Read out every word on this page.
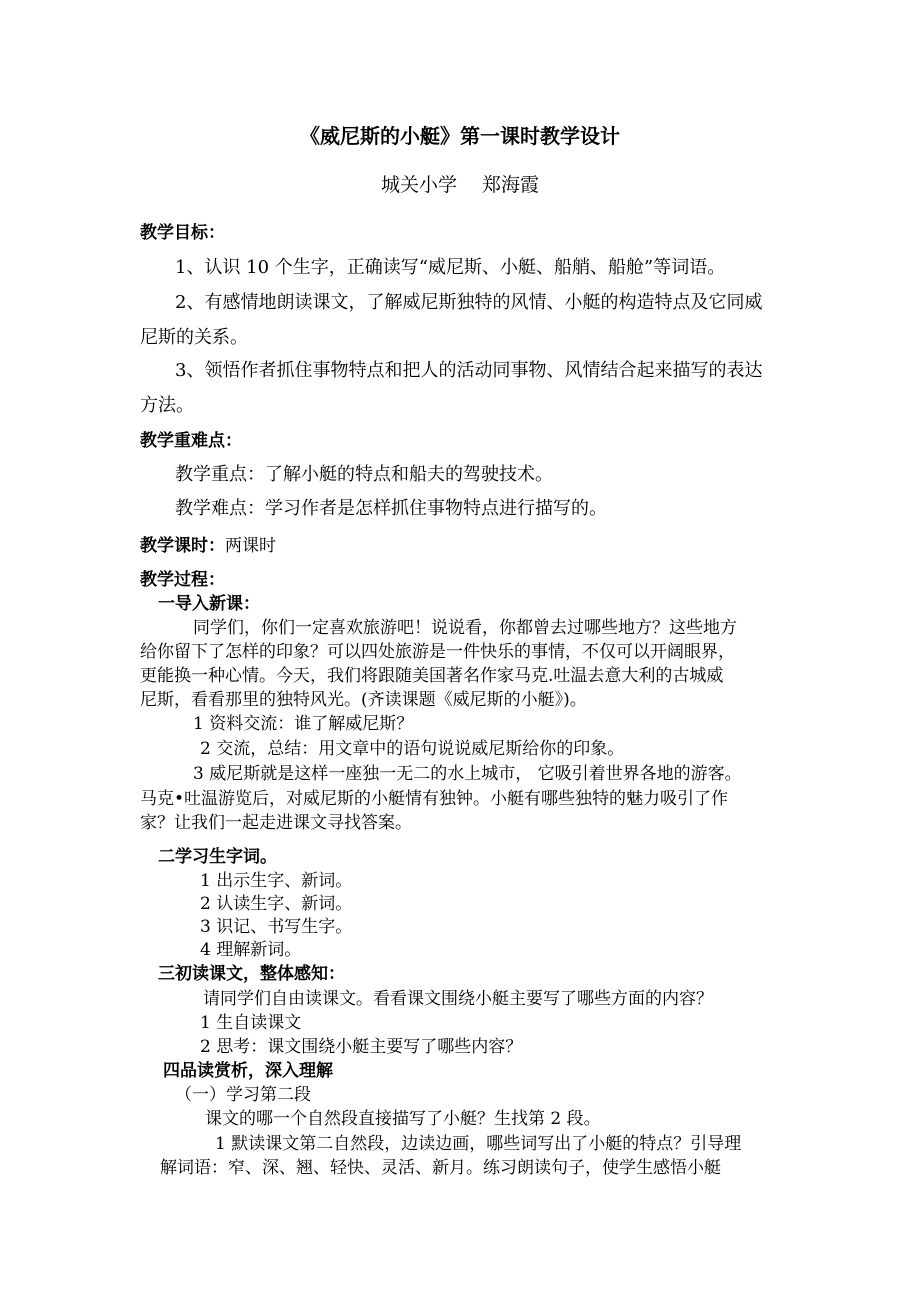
《威尼斯的小艇》第一课时教学设计
城关小学　 郑海霞
教学目标：
1、认识 10 个生字，正确读写“威尼斯、小艇、船艄、船舱”等词语。
2、有感情地朗读课文，了解威尼斯独特的风情、小艇的构造特点及它同威
尼斯的关系。
3、领悟作者抓住事物特点和把人的活动同事物、风情结合起来描写的表达
方法。
教学重难点：
教学重点：了解小艇的特点和船夫的驾驶技术。
教学难点：学习作者是怎样抓住事物特点进行描写的。
教学课时：两课时
教学过程：
一导入新课：
同学们，你们一定喜欢旅游吧！说说看，你都曾去过哪些地方？这些地方
给你留下了怎样的印象？可以四处旅游是一件快乐的事情，不仅可以开阔眼界，
更能换一种心情。今天，我们将跟随美国著名作家马克.吐温去意大利的古城威
尼斯，看看那里的独特风光。(齐读课题《威尼斯的小艇》)。
1 资料交流：谁了解威尼斯？
2 交流，总结：用文章中的语句说说威尼斯给你的印象。
3 威尼斯就是这样一座独一无二的水上城市， 它吸引着世界各地的游客。
马克•吐温游览后，对威尼斯的小艇情有独钟。小艇有哪些独特的魅力吸引了作
家？让我们一起走进课文寻找答案。
二学习生字词。
1 出示生字、新词。
2 认读生字、新词。
3 识记、书写生字。
4 理解新词。
三初读课文，整体感知：
请同学们自由读课文。看看课文围绕小艇主要写了哪些方面的内容？
1 生自读课文
2 思考：课文围绕小艇主要写了哪些内容？
四品读赏析，深入理解
（一）学习第二段
课文的哪一个自然段直接描写了小艇？生找第 2 段。
1 默读课文第二自然段，边读边画，哪些词写出了小艇的特点？引导理
解词语：窄、深、翘、轻快、灵活、新月。练习朗读句子，使学生感悟小艇
